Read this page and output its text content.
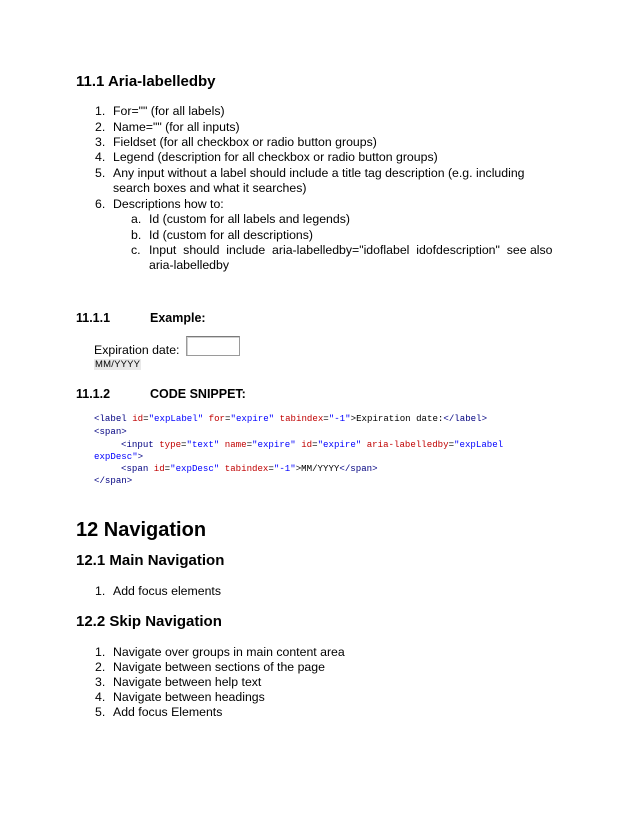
11.1 Aria-labelledby
1. For="" (for all labels)
2. Name="" (for all inputs)
3. Fieldset (for all checkbox or radio button groups)
4. Legend (description for all checkbox or radio button groups)
5. Any input without a label should include a title tag description (e.g. including
search boxes and what it searches)
6. Descriptions how to:
a. Id (custom for all labels and legends)
b. Id (custom for all descriptions)
c. Input  should  include  aria-labelledby="idoflabel  idofdescription"  see also
aria-labelledby
11.1.1	Example:
Expiration date:
MM/YYYY
11.1.2	CODE SNIPPET:
<label id="expLabel" for="expire" tabindex="-1">Expiration date:</label>
<span>
<input type="text" name="expire" id="expire" aria-labelledby="expLabel
expDesc">
<span id="expDesc" tabindex="-1">MM/YYYY</span>
</span>
12 Navigation
12.1 Main Navigation
1. Add focus elements
12.2 Skip Navigation
1. Navigate over groups in main content area
2. Navigate between sections of the page
3. Navigate between help text
4. Navigate between headings
5. Add focus Elements
